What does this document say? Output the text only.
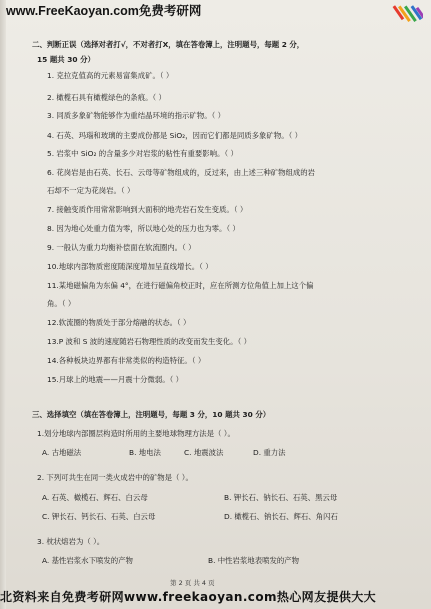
www.FreeKaoyan.com免费考研网
二、判断正误（选择对者打√，不对者打X，填在答卷簿上，注明题号，每题 2 分，
15 题共 30 分）
1. 克拉克值高的元素易富集成矿。（ ）
2. 橄榄石具有橄榄绿色的条痕。（ ）
3. 同质多象矿物能够作为重结晶环境的指示矿物。（ ）
4. 石英、玛瑙和玻璃的主要成份都是 SiO₂，因而它们都是同质多象矿物。（ ）
5. 岩浆中 SiO₂ 的含量多少对岩浆的粘性有重要影响。（ ）
6. 花岗岩是由石英、长石、云母等矿物组成的，反过来，由上述三种矿物组成的岩
石却不一定为花岗岩。（ ）
7. 接触变质作用常常影响到大面积的地壳岩石发生变质。（ ）
8. 因为地心处重力值为零，所以地心处的压力也为零。（ ）
9. 一般认为重力均衡补偿面在软流圈内。（ ）
10.地球内部物质密度随深度增加呈直线增长。（ ）
11.某地磁偏角为东偏 4°，在进行磁偏角校正时，应在所测方位角值上加上这个偏
角。（ ）
12.软流圈的物质处于部分熔融的状态。（ ）
13.P 波和 S 波的速度随岩石物理性质的改变而发生变化。（ ）
14.各种板块边界都有非常类似的构造特征。（ ）
15.月球上的地震——月震十分微弱。（ ）
三、选择填空（填在答卷簿上，注明题号，每题 3 分，10 题共 30 分）
1.划分地球内部圈层构造时所用的主要地球物理方法是（ ）。
A. 古地磁法	B. 地电法	C. 地震波法	D. 重力法
2. 下列可共生在同一类火成岩中的矿物是（ ）。
A. 石英、橄榄石、辉石、白云母	B. 钾长石、钠长石、石英、黑云母
C. 钾长石、钙长石、石英、白云母	D. 橄榄石、钠长石、辉石、角闪石
3. 枕状熔岩为（ ）。
A. 基性岩浆水下喷发的产物	B. 中性岩浆地表喷发的产物
第 2 页 共 4 页
北资料来自免费考研网www.freekaoyan.com热心网友提供大大
